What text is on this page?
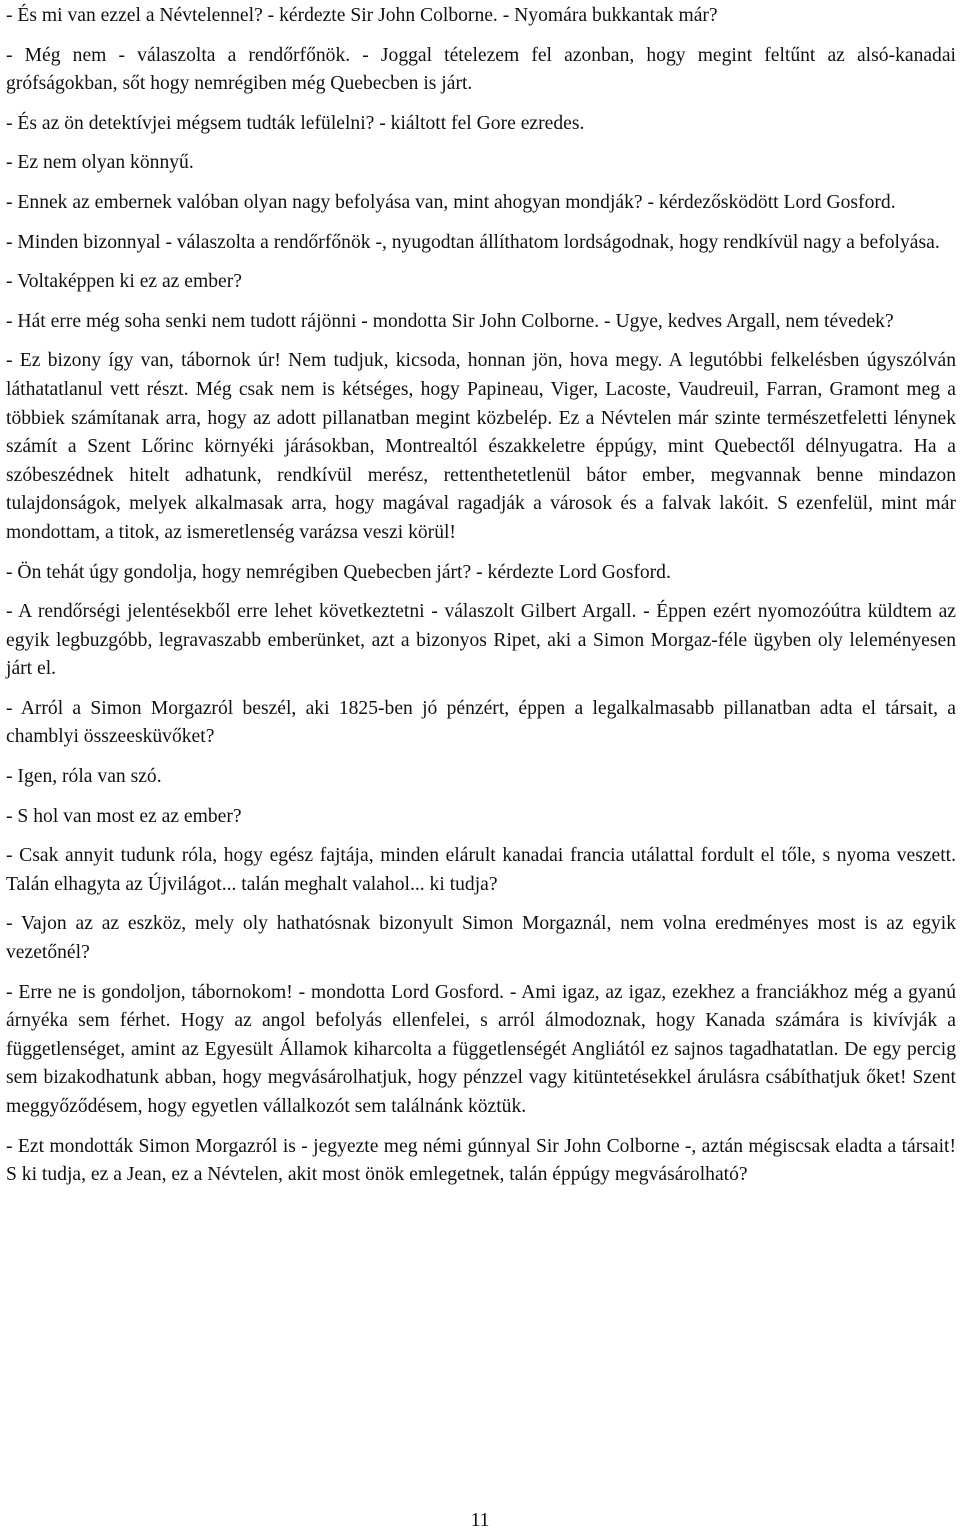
- És mi van ezzel a Névtelennel? - kérdezte Sir John Colborne. - Nyomára bukkantak már?

- Még nem - válaszolta a rendőrfőnök. - Joggal tételezem fel azonban, hogy megint feltűnt az alsó-kanadai grófságokban, sőt hogy nemrégiben még Quebecben is járt.

- És az ön detektívjei mégsem tudták lefülelni? - kiáltott fel Gore ezredes.

- Ez nem olyan könnyű.

- Ennek az embernek valóban olyan nagy befolyása van, mint ahogyan mondják? - kérdezősködött Lord Gosford.

- Minden bizonnyal - válaszolta a rendőrfőnök -, nyugodtan állíthatom lordságodnak, hogy rendkívül nagy a befolyása.

- Voltaképpen ki ez az ember?

- Hát erre még soha senki nem tudott rájönni - mondotta Sir John Colborne. - Ugye, kedves Argall, nem tévedek?

- Ez bizony így van, tábornok úr! Nem tudjuk, kicsoda, honnan jön, hova megy. A legutóbbi felkelésben úgyszólván láthatatlanul vett részt. Még csak nem is kétséges, hogy Papineau, Viger, Lacoste, Vaudreuil, Farran, Gramont meg a többiek számítanak arra, hogy az adott pillanatban megint közbelép. Ez a Névtelen már szinte természetfeletti lénynek számít a Szent Lőrinc környéki járásokban, Montrealtól északkeletre éppúgy, mint Quebectől délnyugatra. Ha a szóbeszédnek hitelt adhatunk, rendkívül merész, rettenthetetlenül bátor ember, megvannak benne mindazon tulajdonságok, melyek alkalmasak arra, hogy magával ragadják a városok és a falvak lakóit. S ezenfelül, mint már mondottam, a titok, az ismeretlenség varázsa veszi körül!

- Ön tehát úgy gondolja, hogy nemrégiben Quebecben járt? - kérdezte Lord Gosford.

- A rendőrségi jelentésekből erre lehet következtetni - válaszolt Gilbert Argall. - Éppen ezért nyomozóútra küldtem az egyik legbuzgóbb, legravaszabb emberünket, azt a bizonyos Ripet, aki a Simon Morgaz-féle ügyben oly leleményesen járt el.

- Arról a Simon Morgazról beszél, aki 1825-ben jó pénzért, éppen a legalkalmasabb pillanatban adta el társait, a chamblyi összeesküvőket?

- Igen, róla van szó.

- S hol van most ez az ember?

- Csak annyit tudunk róla, hogy egész fajtája, minden elárult kanadai francia utálattal fordult el tőle, s nyoma veszett. Talán elhagyta az Újvilágot... talán meghalt valahol... ki tudja?

- Vajon az az eszköz, mely oly hathatósnak bizonyult Simon Morgaznál, nem volna eredményes most is az egyik vezetőnél?

- Erre ne is gondoljon, tábornokom! - mondotta Lord Gosford. - Ami igaz, az igaz, ezekhez a franciákhoz még a gyanú árnyéka sem férhet. Hogy az angol befolyás ellenfelei, s arról álmodoznak, hogy Kanada számára is kivívják a függetlenséget, amint az Egyesült Államok kiharcolta a függetlenségét Angliától ez sajnos tagadhatatlan. De egy percig sem bizakodhatunk abban, hogy megvásárolhatjuk, hogy pénzzel vagy kitüntetésekkel árulásra csábíthatjuk őket! Szent meggyőződésem, hogy egyetlen vállalkozót sem találnánk köztük.

- Ezt mondották Simon Morgazról is - jegyezte meg némi gúnnyal Sir John Colborne -, aztán mégiscsak eladta a társait! S ki tudja, ez a Jean, ez a Névtelen, akit most önök emlegetnek, talán éppúgy megvásárolható?

11
